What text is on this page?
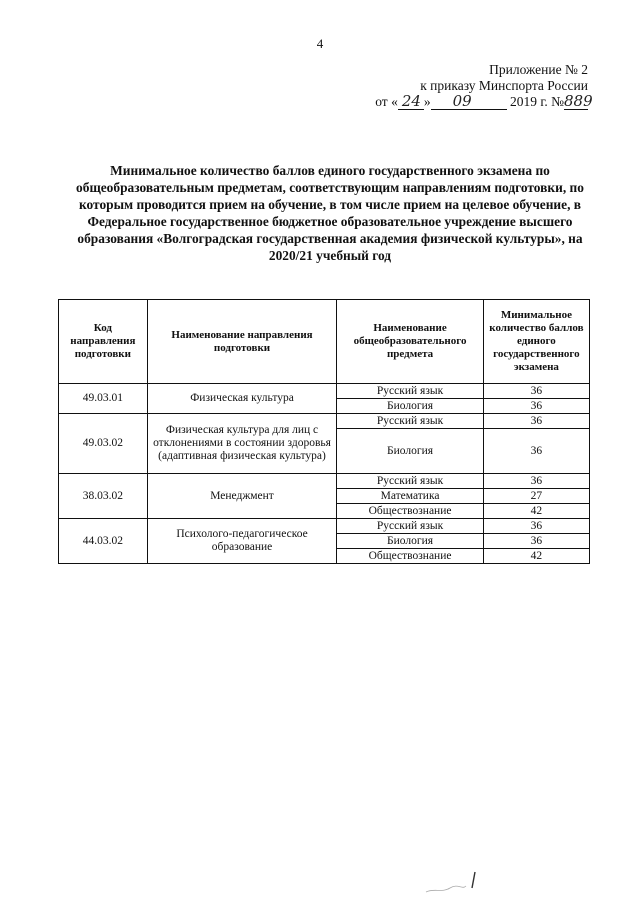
4
Приложение № 2
к приказу Минспорта России
от « 24 » 09	2019 г. № 889
Минимальное количество баллов единого государственного экзамена по общеобразовательным предметам, соответствующим направлениям подготовки, по которым проводится прием на обучение, в том числе прием на целевое обучение, в Федеральное государственное бюджетное образовательное учреждение высшего образования «Волгоградская государственная академия физической культуры», на 2020/21 учебный год
Код направления подготовки	Наименование направления подготовки	Наименование общеобразовательного предмета	Минимальное количество баллов единого государственного экзамена
49.03.01	Физическая культура	Русский язык	36
		Биология	36
49.03.02	Физическая культура для лиц с отклонениями в состоянии здоровья (адаптивная физическая культура)	Русский язык	36
		Биология	36
38.03.02	Менеджмент	Русский язык	36
		Математика	27
		Обществознание	42
44.03.02	Психолого-педагогическое образование	Русский язык	36
		Биология	36
		Обществознание	42
